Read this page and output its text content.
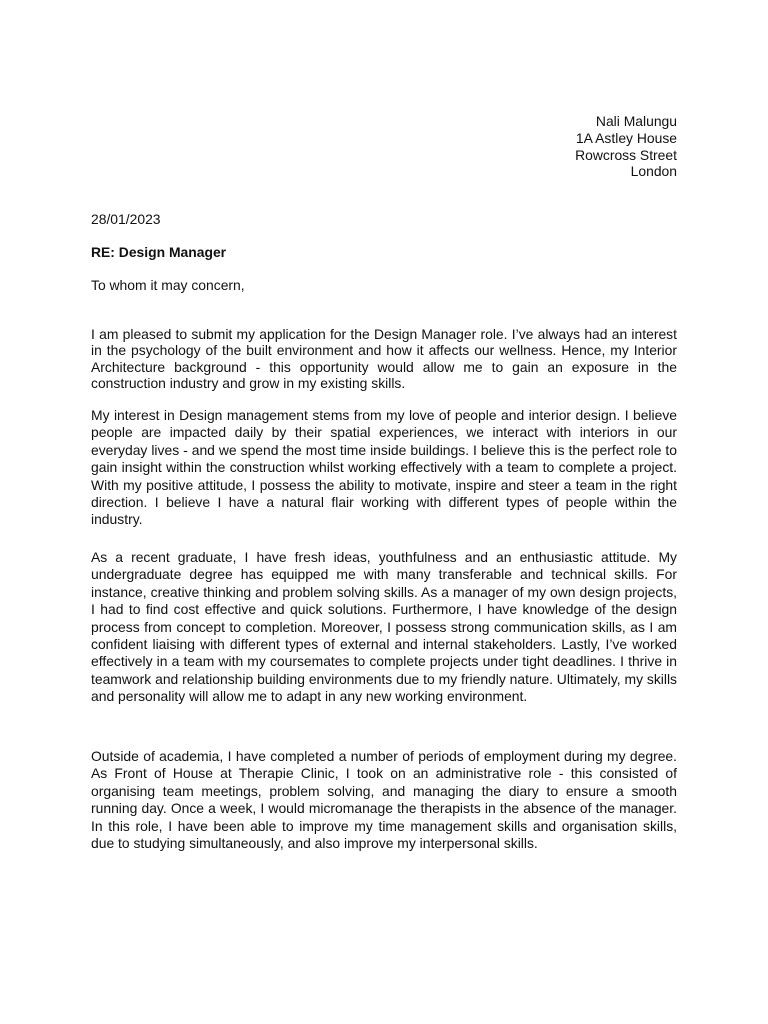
Nali Malungu
1A Astley House
Rowcross Street
London
28/01/2023
RE: Design Manager
To whom it may concern,

I am pleased to submit my application for the Design Manager role. I’ve always had an interest in the psychology of the built environment and how it affects our wellness. Hence, my Interior Architecture background - this opportunity would allow me to gain an exposure in the construction industry and grow in my existing skills.

My interest in Design management stems from my love of people and interior design. I believe people are impacted daily by their spatial experiences, we interact with interiors in our everyday lives - and we spend the most time inside buildings. I believe this is the perfect role to gain insight within the construction whilst working effectively with a team to complete a project. With my positive attitude, I possess the ability to motivate, inspire and steer a team in the right direction. I believe I have a natural flair working with different types of people within the industry.

As a recent graduate, I have fresh ideas, youthfulness and an enthusiastic attitude. My undergraduate degree has equipped me with many transferable and technical skills. For instance, creative thinking and problem solving skills. As a manager of my own design projects, I had to find cost effective and quick solutions. Furthermore, I have knowledge of the design process from concept to completion. Moreover, I possess strong communication skills, as I am confident liaising with different types of external and internal stakeholders. Lastly, I’ve worked effectively in a team with my coursemates to complete projects under tight deadlines. I thrive in teamwork and relationship building environments due to my friendly nature. Ultimately, my skills and personality will allow me to adapt in any new working environment.

Outside of academia, I have completed a number of periods of employment during my degree. As Front of House at Therapie Clinic, I took on an administrative role - this consisted of organising team meetings, problem solving, and managing the diary to ensure a smooth running day. Once a week, I would micromanage the therapists in the absence of the manager. In this role, I have been able to improve my time management skills and organisation skills, due to studying simultaneously, and also improve my interpersonal skills.
